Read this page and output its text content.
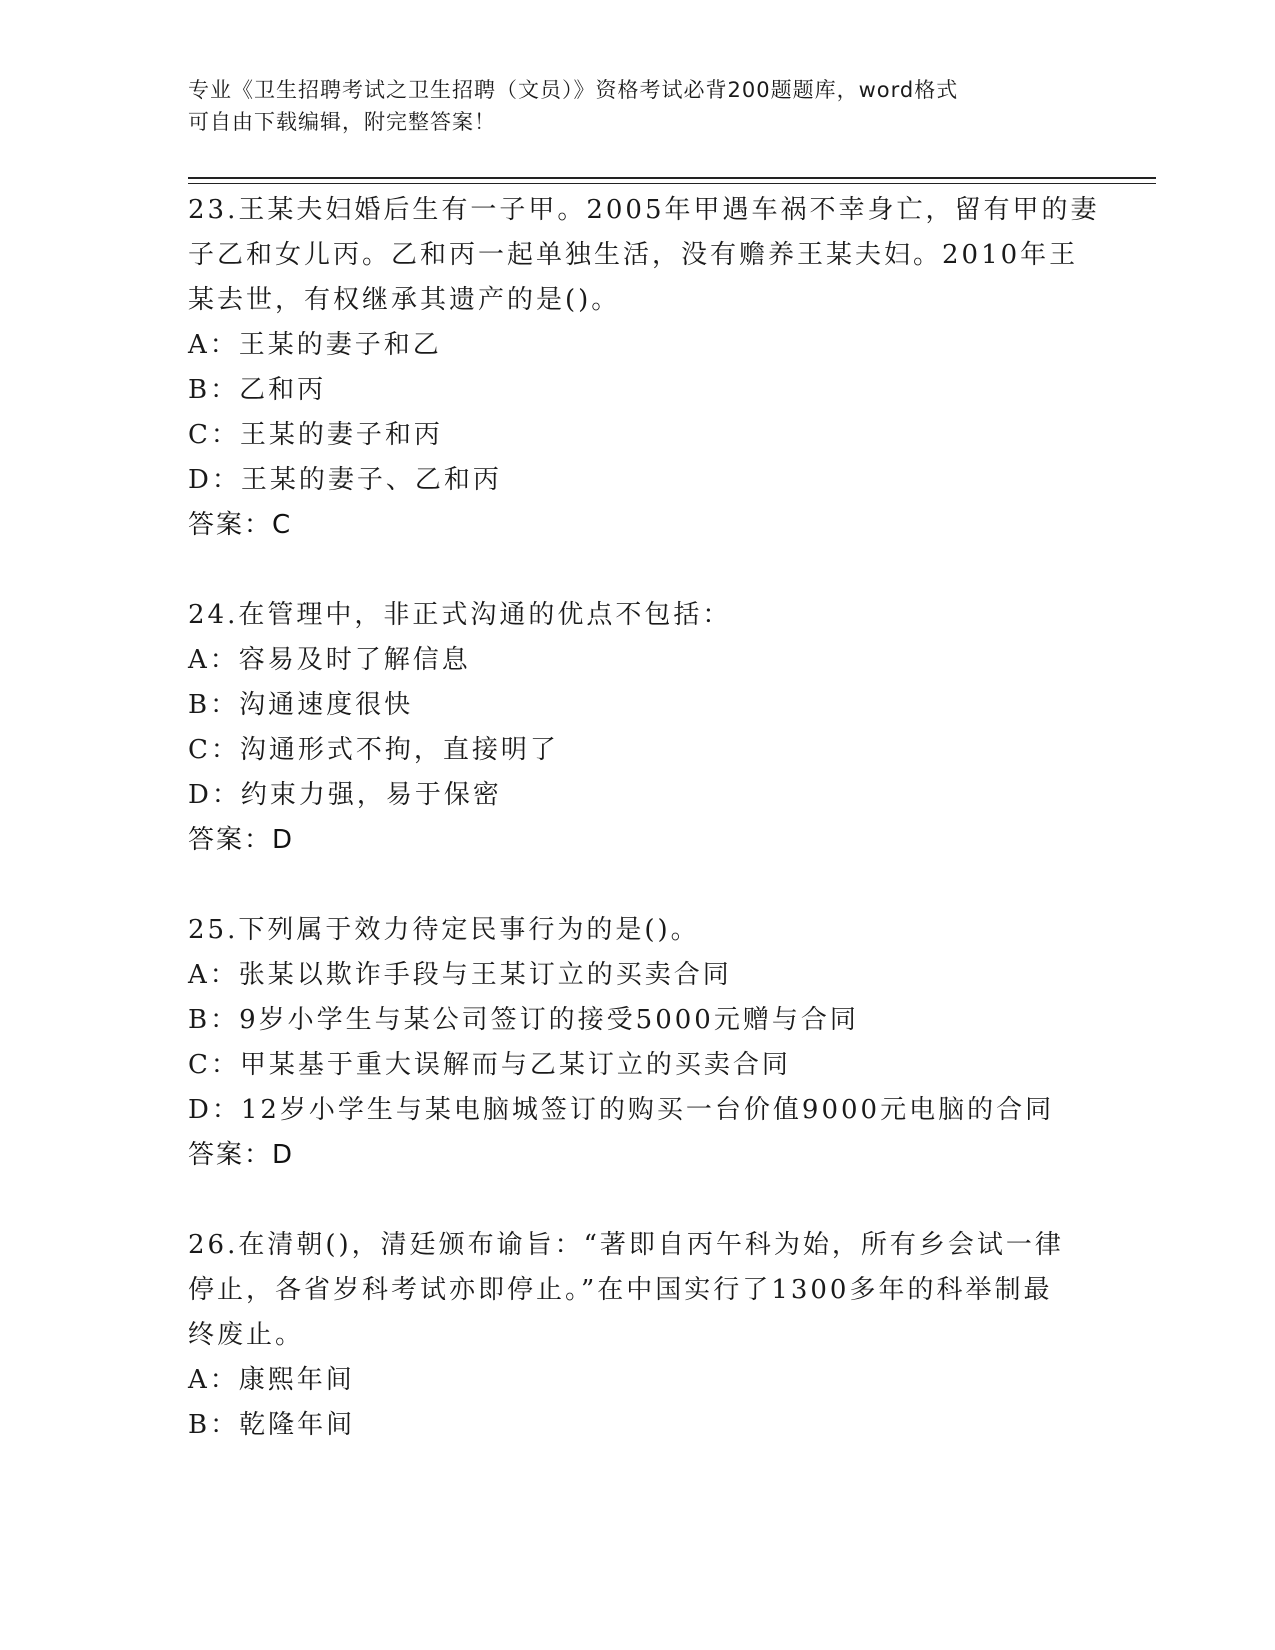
专业《卫生招聘考试之卫生招聘（文员）》资格考试必背200题题库，word格式
可自由下载编辑，附完整答案！
23.王某夫妇婚后生有一子甲。2005年甲遇车祸不幸身亡，留有甲的妻
子乙和女儿丙。乙和丙一起单独生活，没有赡养王某夫妇。2010年王
某去世，有权继承其遗产的是()。
A：王某的妻子和乙
B：乙和丙
C：王某的妻子和丙
D：王某的妻子、乙和丙
答案：C
24.在管理中，非正式沟通的优点不包括：
A：容易及时了解信息
B：沟通速度很快
C：沟通形式不拘，直接明了
D：约束力强，易于保密
答案：D
25.下列属于效力待定民事行为的是()。
A：张某以欺诈手段与王某订立的买卖合同
B：9岁小学生与某公司签订的接受5000元赠与合同
C：甲某基于重大误解而与乙某订立的买卖合同
D：12岁小学生与某电脑城签订的购买一台价值9000元电脑的合同
答案：D
26.在清朝()，清廷颁布谕旨：“著即自丙午科为始，所有乡会试一律
停止，各省岁科考试亦即停止。”在中国实行了1300多年的科举制最
终废止。
A：康熙年间
B：乾隆年间
